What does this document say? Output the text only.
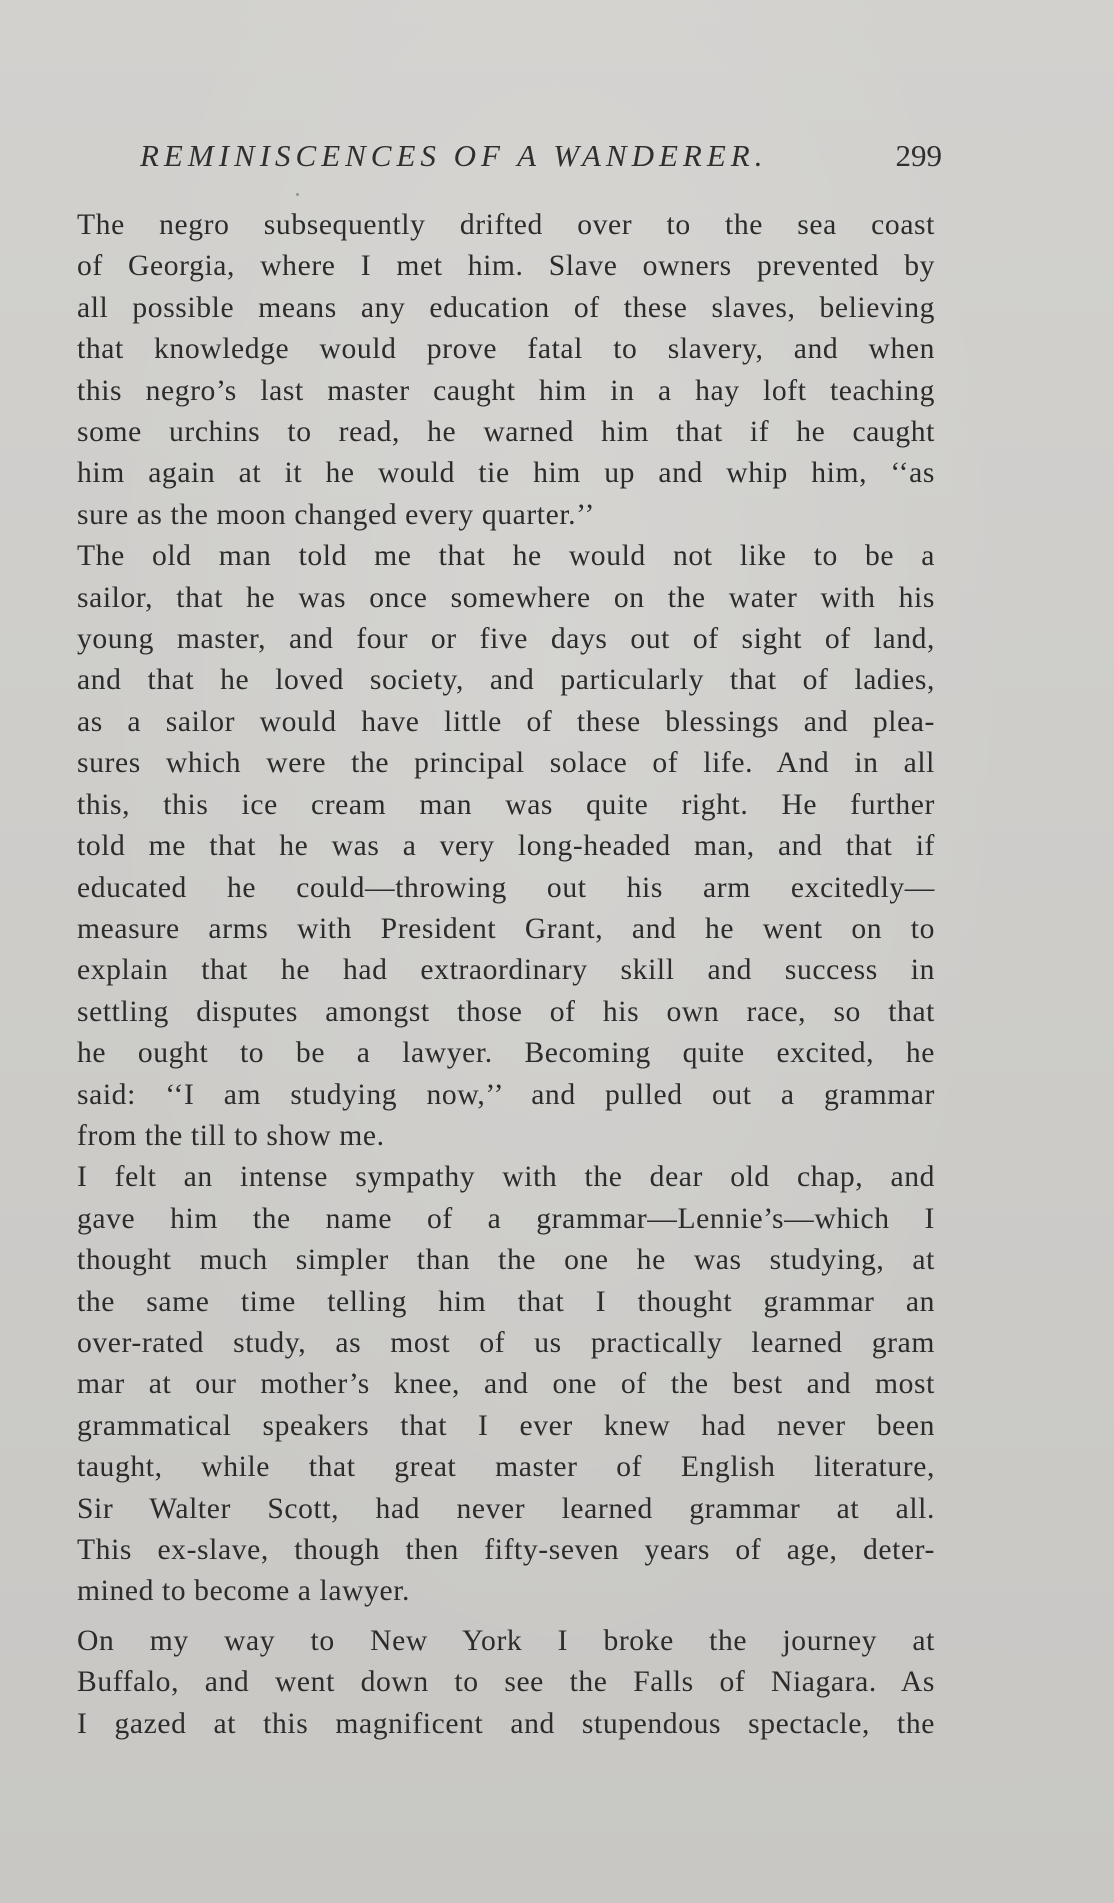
REMINISCENCES OF A WANDERER.	299

The negro subsequently drifted over to the sea coast
of Georgia, where I met him. Slave owners prevented by
all possible means any education of these slaves, believing
that knowledge would prove fatal to slavery, and when
this negro’s last master caught him in a hay loft teaching
some urchins to read, he warned him that if he caught
him again at it he would tie him up and whip him, ‘‘as
sure as the moon changed every quarter.’’

The old man told me that he would not like to be a
sailor, that he was once somewhere on the water with his
young master, and four or five days out of sight of land,
and that he loved society, and particularly that of ladies,
as a sailor would have little of these blessings and plea-
sures which were the principal solace of life. And in all
this, this ice cream man was quite right. He further
told me that he was a very long-headed man, and that if
educated he could—throwing out his arm excitedly—
measure arms with President Grant, and he went on to
explain that he had extraordinary skill and success in
settling disputes amongst those of his own race, so that
he ought to be a lawyer. Becoming quite excited, he
said: ‘‘I am studying now,’’ and pulled out a grammar
from the till to show me.

I felt an intense sympathy with the dear old chap, and
gave him the name of a grammar—Lennie’s—which I
thought much simpler than the one he was studying, at
the same time telling him that I thought grammar an
over-rated study, as most of us practically learned gram
mar at our mother’s knee, and one of the best and most
grammatical speakers that I ever knew had never been
taught, while that great master of English literature,
Sir Walter Scott, had never learned grammar at all.
This ex-slave, though then fifty-seven years of age, deter-
mined to become a lawyer.

On my way to New York I broke the journey at
Buffalo, and went down to see the Falls of Niagara. As
I gazed at this magnificent and stupendous spectacle, the
